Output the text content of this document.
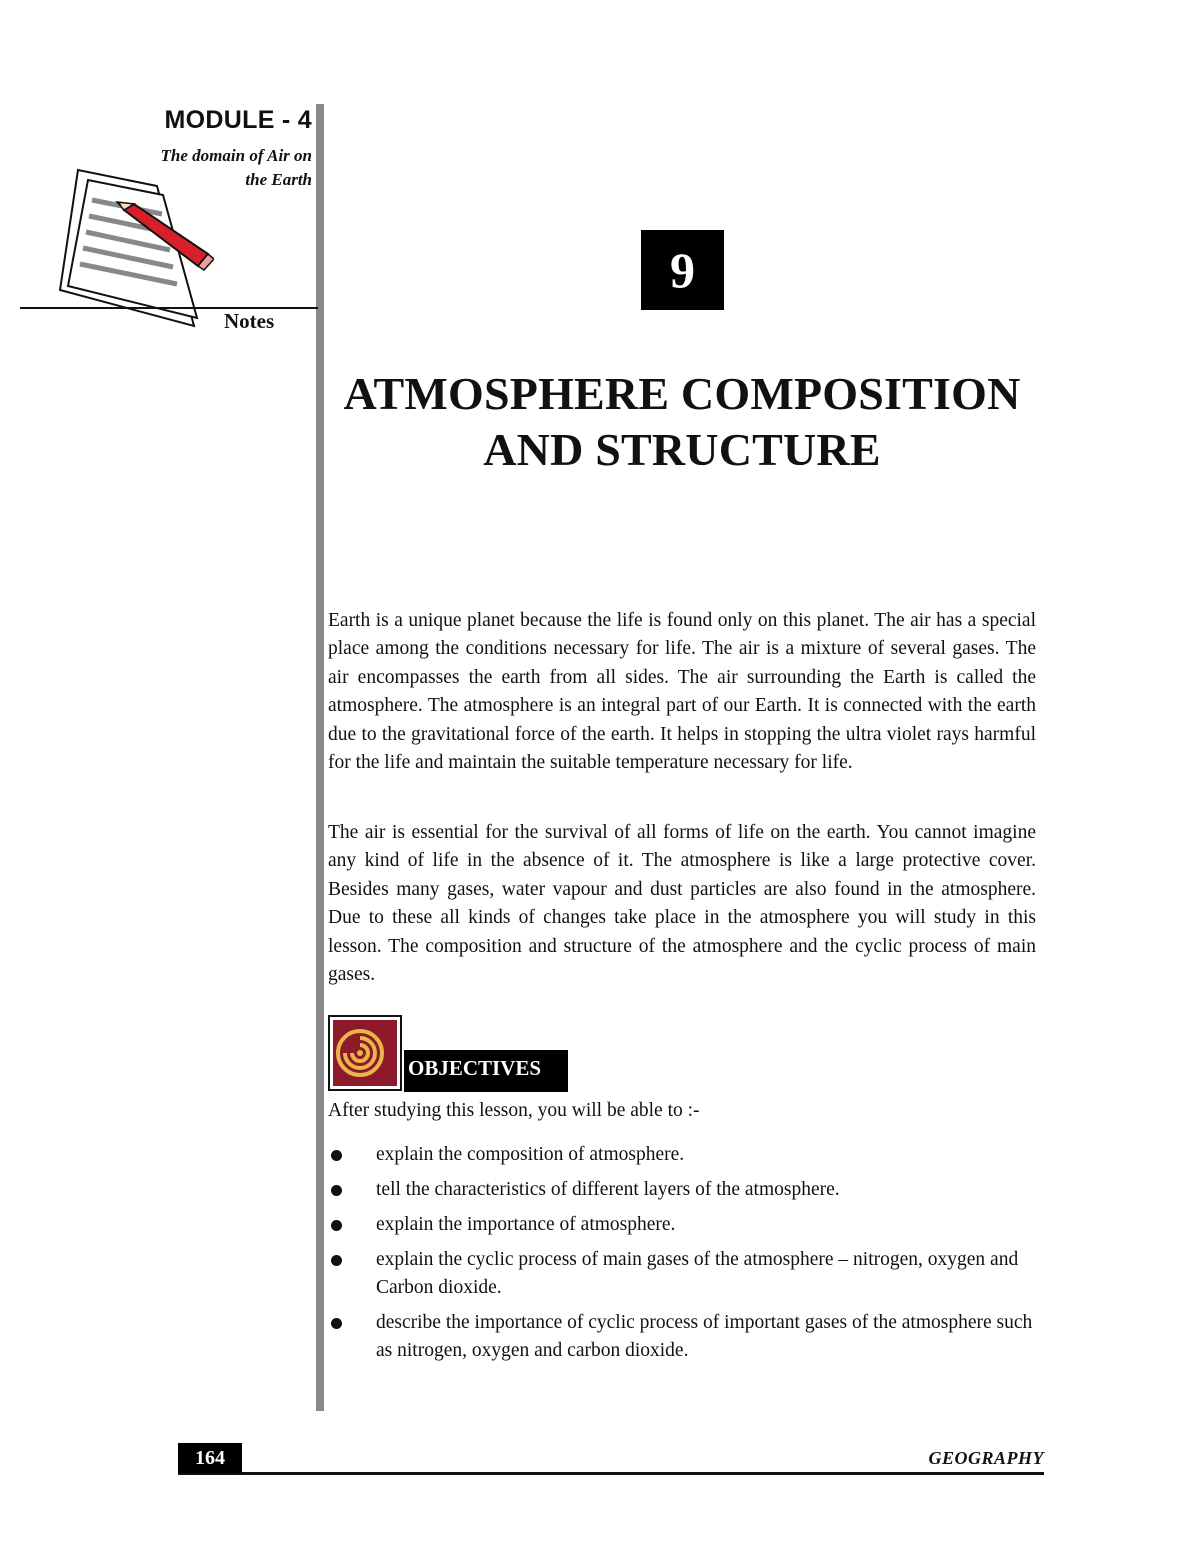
MODULE - 4
The domain of Air on
the Earth
Notes
9
ATMOSPHERE COMPOSITION
AND STRUCTURE

Earth is a unique planet because the life is found only on this planet. The air has a special place among the conditions necessary for life. The air is a mixture of several gases. The air encompasses the earth from all sides. The air surrounding the Earth is called the atmosphere. The atmosphere is an integral part of our Earth. It is connected with the earth due to the gravitational force of the earth. It helps in stopping the ultra violet rays harmful for the life and maintain the suitable temperature necessary for life.

The air is essential for the survival of all forms of life on the earth. You cannot imagine any kind of life in the absence of it. The atmosphere is like a large protective cover. Besides many gases, water vapour and dust particles are also found in the atmosphere. Due to these all kinds of changes take place in the atmosphere you will study in this lesson. The composition and structure of the atmosphere and the cyclic process of main gases.

OBJECTIVES
After studying this lesson, you will be able to :-
explain the composition of atmosphere.
tell the characteristics of different layers of the atmosphere.
explain the importance of atmosphere.
explain the cyclic process of main gases of the atmosphere – nitrogen, oxygen and Carbon dioxide.
describe the importance of cyclic process of important gases of the atmosphere such as nitrogen, oxygen and carbon dioxide.
164	GEOGRAPHY
